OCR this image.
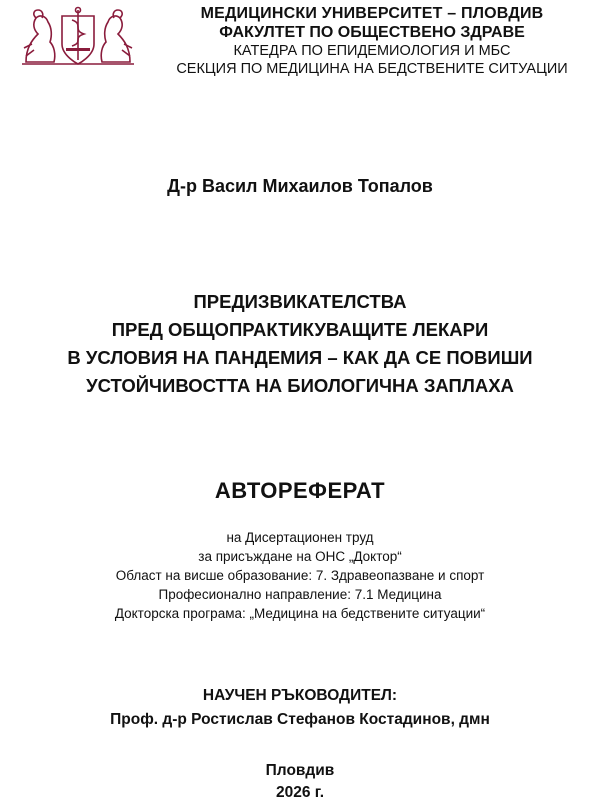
МЕДИЦИНСКИ УНИВЕРСИТЕТ – ПЛОВДИВ
ФАКУЛТЕТ ПО ОБЩЕСТВЕНО ЗДРАВЕ
КАТЕДРА ПО ЕПИДЕМИОЛОГИЯ И МБС
СЕКЦИЯ ПО МЕДИЦИНА НА БЕДСТВЕНИТЕ СИТУАЦИИ
Д-р Васил Михаилов Топалов
ПРЕДИЗВИКАТЕЛСТВА
ПРЕД ОБЩОПРАКТИКУВАЩИТЕ ЛЕКАРИ
В УСЛОВИЯ НА ПАНДЕМИЯ – КАК ДА СЕ ПОВИШИ
УСТОЙЧИВОСТТА НА БИОЛОГИЧНА ЗАПЛАХА
АВТОРЕФЕРАТ
на Дисертационен труд
за присъждане на ОНС „Доктор“
Област на висше образование: 7. Здравеопазване и спорт
Професионално направление: 7.1 Медицина
Докторска програма: „Медицина на бедствените ситуации“
НАУЧЕН РЪКОВОДИТЕЛ:
Проф. д-р Ростислав Стефанов Костадинов, дмн
Пловдив
2026 г.
